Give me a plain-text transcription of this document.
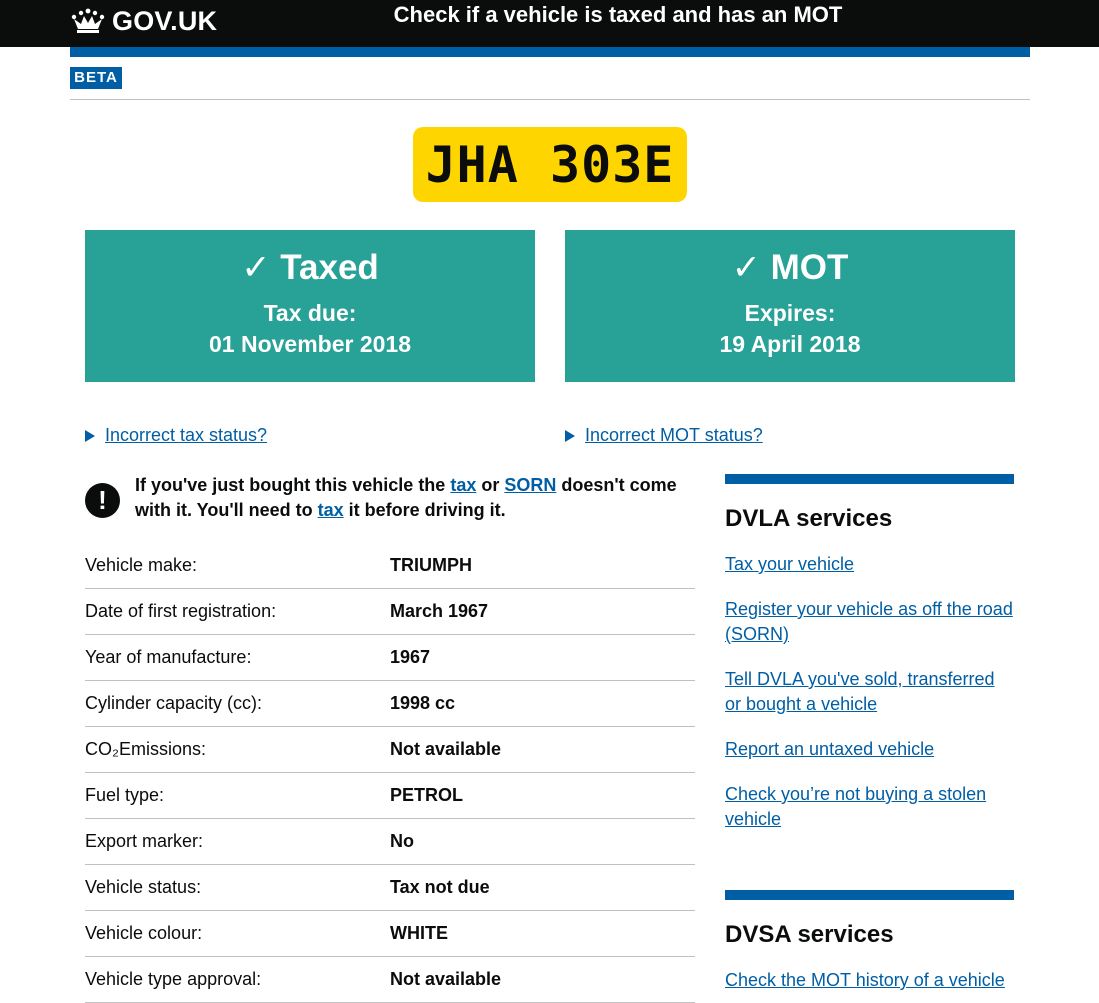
GOV.UK	Check if a vehicle is taxed and has an MOT
BETA
JHA 303E
✓ Taxed
Tax due:
01 November 2018
✓ MOT
Expires:
19 April 2018
Incorrect tax status?	Incorrect MOT status?
!	If you've just bought this vehicle the tax or SORN doesn't come with it. You'll need to tax it before driving it.
Vehicle make:	TRIUMPH
Date of first registration:	March 1967
Year of manufacture:	1967
Cylinder capacity (cc):	1998 cc
CO₂Emissions:	Not available
Fuel type:	PETROL
Export marker:	No
Vehicle status:	Tax not due
Vehicle colour:	WHITE
Vehicle type approval:	Not available
DVLA services
Tax your vehicle
Register your vehicle as off the road (SORN)
Tell DVLA you've sold, transferred or bought a vehicle
Report an untaxed vehicle
Check you’re not buying a stolen vehicle
DVSA services
Check the MOT history of a vehicle
